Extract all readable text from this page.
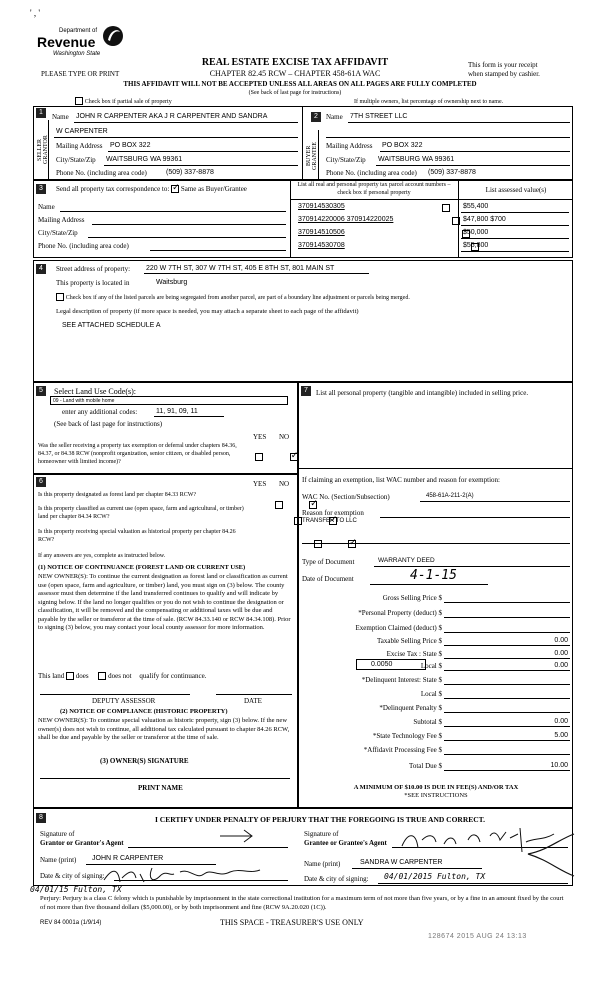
Department of
Revenue
Washington State
' , '
PLEASE TYPE OR PRINT
REAL ESTATE EXCISE TAX AFFIDAVIT
CHAPTER 82.45 RCW – CHAPTER 458-61A WAC
THIS AFFIDAVIT WILL NOT BE ACCEPTED UNLESS ALL AREAS ON ALL PAGES ARE FULLY COMPLETED
(See back of last page for instructions)
This form is your receipt
when stamped by cashier.
Check box if partial sale of property	If multiple owners, list percentage of ownership next to name.
1
SELLER GRANTOR
Name JOHN R CARPENTER AKA J R CARPENTER AND SANDRA
W CARPENTER
Mailing Address PO BOX 322
City/State/Zip WAITSBURG WA 99361
Phone No. (including area code)	(509) 337-8878
2
BUYER GRANTEE
Name 7TH STREET LLC
Mailing Address PO BOX 322
City/State/Zip WAITSBURG WA 99361
Phone No. (including area code) (509) 337-8878
3	Send all property tax correspondence to: ✓ Same as Buyer/Grantee	List all real and personal property tax parcel account numbers – check box if personal property	List assessed value(s)
Name
Mailing Address
City/State/Zip
Phone No. (including area code)
370914530305
	$55,400
370914220006 370914220025
	$47,800 $700
370914510506
	$50,000
370914530708	$55,800
4	Street address of property: 220 W 7TH ST, 307 W 7TH ST, 405 E 8TH ST, 801 MAIN ST
This property is located in	Waitsburg
Check box if any of the listed parcels are being segregated from another parcel, are part of a boundary line adjustment or parcels being merged.
Legal description of property (if more space is needed, you may attach a separate sheet to each page of the affidavit)
SEE ATTACHED SCHEDULE A
5	Select Land Use Code(s):
09 - Land with mobile home
enter any additional codes:	11, 91, 09, 11
(See back of last page for instructions)
YES NO
Was the seller receiving a property tax exemption or deferral under chapters 84.36, 84.37, or 84.38 RCW (nonprofit organization, senior citizen, or disabled person, homeowner with limited income)?
✓
6	YES NO
Is this property designated as forest land per chapter 84.33 RCW?
✓
Is this property classified as current use (open space, farm and agricultural, or timber) land per chapter 84.34 RCW?
✓
Is this property receiving special valuation as historical property per chapter 84.26 RCW?
✓
If any answers are yes, complete as instructed below.
(1) NOTICE OF CONTINUANCE (FOREST LAND OR CURRENT USE)
NEW OWNER(S): To continue the current designation as forest land or classification as current use (open space, farm and agriculture, or timber) land, you must sign on (3) below. The county assessor must then determine if the land transferred continues to qualify and will indicate by signing below. If the land no longer qualifies or you do not wish to continue the designation or classification, it will be removed and the compensating or additional taxes will be due and payable by the seller or transferor at the time of sale. (RCW 84.33.140 or RCW 84.34.108). Prior to signing (3) below, you may contact your local county assessor for more information.
This land does	does not qualify for continuance.
DEPUTY ASSESSOR	DATE
(2) NOTICE OF COMPLIANCE (HISTORIC PROPERTY)
NEW OWNER(S): To continue special valuation as historic property, sign (3) below. If the new owner(s) does not wish to continue, all additional tax calculated pursuant to chapter 84.26 RCW, shall be due and payable by the seller or transferor at the time of sale.
(3) OWNER(S) SIGNATURE
PRINT NAME
7	List all personal property (tangible and intangible) included in selling price.
If claiming an exemption, list WAC number and reason for exemption:
WAC No. (Section/Subsection)	458-61A-211-2(A)
Reason for exemption
TRANSFER TO LLC
Type of Document	WARRANTY DEED
Date of Document	4-1-15
Gross Selling Price $
*Personal Property (deduct) $
Exemption Claimed (deduct) $
Taxable Selling Price $	0.00
Excise Tax : State $	0.00
0.0050	Local $	0.00
*Delinquent Interest: State $
Local $
*Delinquent Penalty $
Subtotal $	0.00
*State Technology Fee $	5.00
*Affidavit Processing Fee $
Total Due $	10.00
A MINIMUM OF $10.00 IS DUE IN FEE(S) AND/OR TAX
*SEE INSTRUCTIONS
8	I CERTIFY UNDER PENALTY OF PERJURY THAT THE FOREGOING IS TRUE AND CORRECT.
Signature of
Grantor or Grantor's Agent
Name (print) JOHN R CARPENTER
Date & city of signing:
Signature of
Grantee or Grantee's Agent
Name (print)	SANDRA W CARPENTER
Date & city of signing: 04/01/2015 Fulton, TX
04/01/15 Fulton, TX
Perjury: Perjury is a class C felony which is punishable by imprisonment in the state correctional institution for a maximum term of not more than five years, or by a fine in an amount fixed by the court of not more than five thousand dollars ($5,000.00), or by both imprisonment and fine (RCW 9A.20.020 (1C)).
REV 84 0001a (1/9/14)	THIS SPACE - TREASURER'S USE ONLY
128674 2015 AUG 24 13:13
